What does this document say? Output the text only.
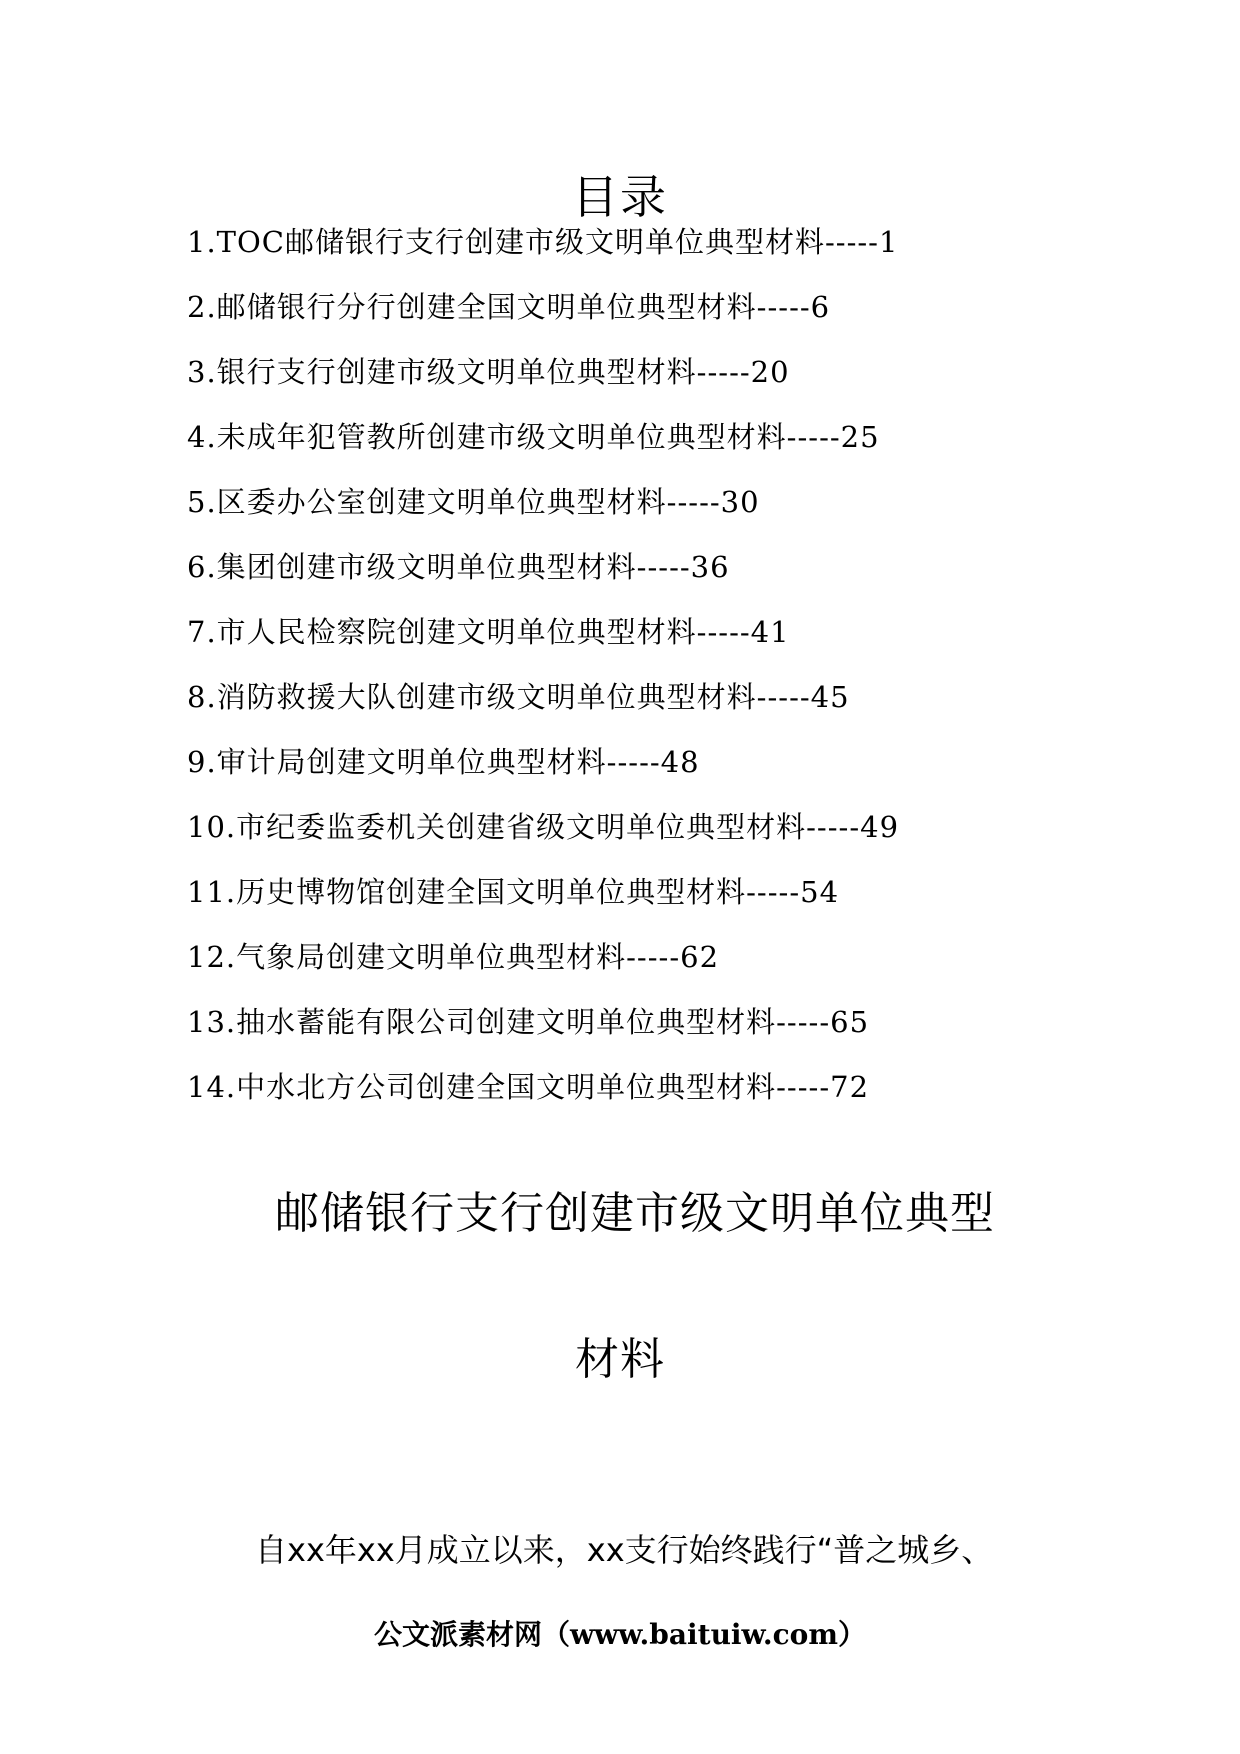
目录
1.TOC邮储银行支行创建市级文明单位典型材料-----1
2.邮储银行分行创建全国文明单位典型材料-----6
3.银行支行创建市级文明单位典型材料-----20
4.未成年犯管教所创建市级文明单位典型材料-----25
5.区委办公室创建文明单位典型材料-----30
6.集团创建市级文明单位典型材料-----36
7.市人民检察院创建文明单位典型材料-----41
8.消防救援大队创建市级文明单位典型材料-----45
9.审计局创建文明单位典型材料-----48
10.市纪委监委机关创建省级文明单位典型材料-----49
11.历史博物馆创建全国文明单位典型材料-----54
12.气象局创建文明单位典型材料-----62
13.抽水蓄能有限公司创建文明单位典型材料-----65
14.中水北方公司创建全国文明单位典型材料-----72
邮储银行支行创建市级文明单位典型
材料
自xx年xx月成立以来，xx支行始终践行“普之城乡、
公文派素材网（www.baituiw.com）
